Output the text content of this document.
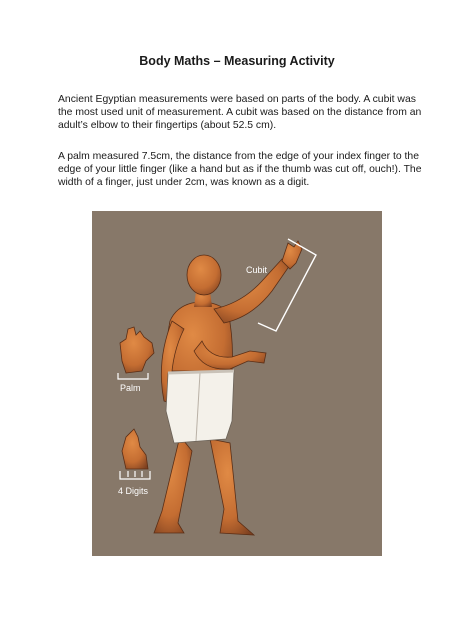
Body Maths – Measuring Activity
Ancient Egyptian measurements were based on parts of the body. A cubit was the most used unit of measurement. A cubit was based on the distance from an adult’s elbow to their fingertips (about 52.5 cm).
A palm measured 7.5cm, the distance from the edge of your index finger to the edge of your little finger (like a hand but as if the thumb was cut off, ouch!). The width of a finger, just under 2cm, was known as a digit.
Cubit
Palm
4 Digits
